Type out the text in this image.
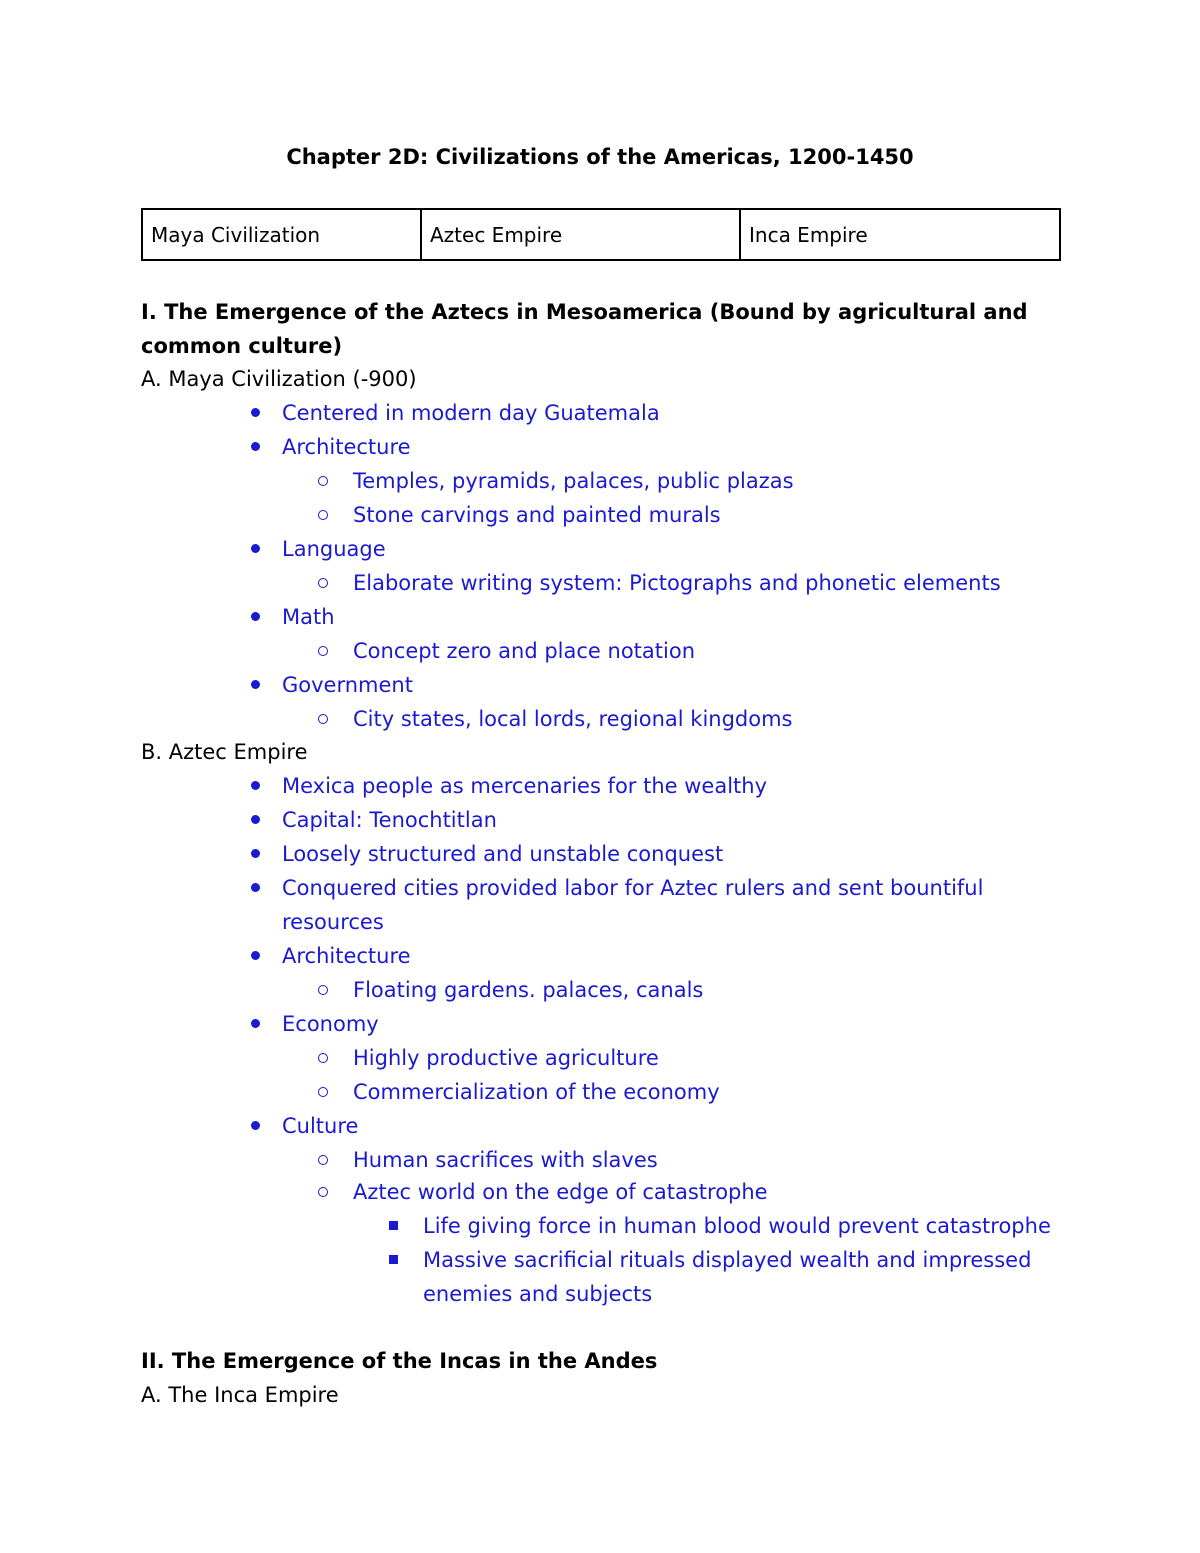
Chapter 2D: Civilizations of the Americas, 1200-1450
Maya Civilization	Aztec Empire	Inca Empire
I. The Emergence of the Aztecs in Mesoamerica (Bound by agricultural and
common culture)
A. Maya Civilization (-900)
Centered in modern day Guatemala
Architecture
Temples, pyramids, palaces, public plazas
Stone carvings and painted murals
Language
Elaborate writing system: Pictographs and phonetic elements
Math
Concept zero and place notation
Government
City states, local lords, regional kingdoms
B. Aztec Empire
Mexica people as mercenaries for the wealthy
Capital: Tenochtitlan
Loosely structured and unstable conquest
Conquered cities provided labor for Aztec rulers and sent bountiful
resources
Architecture
Floating gardens. palaces, canals
Economy
Highly productive agriculture
Commercialization of the economy
Culture
Human sacrifices with slaves
Aztec world on the edge of catastrophe
Life giving force in human blood would prevent catastrophe
Massive sacrificial rituals displayed wealth and impressed
enemies and subjects
II. The Emergence of the Incas in the Andes
A. The Inca Empire
